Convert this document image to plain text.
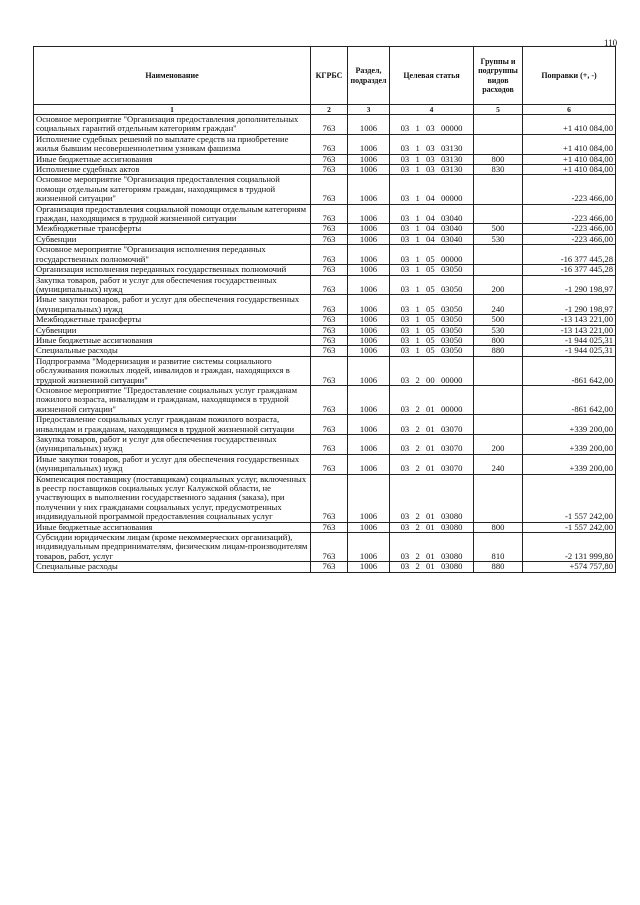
110
Наименование	КГРБС	Раздел, подраздел	Целевая статья	Группы и подгруппы видов расходов	Поправки (+, -)
1	2	3	4	5	6
Основное мероприятие "Организация предоставления дополнительных социальных гарантий отдельным категориям граждан"	763	1006	03  1  03  00000		+1 410 084,00
Исполнение судебных решений по выплате средств на приобретение жилья бывшим несовершеннолетним узникам фашизма	763	1006	03  1  03  03130		+1 410 084,00
Иные бюджетные ассигнования	763	1006	03  1  03  03130	800	+1 410 084,00
Исполнение судебных актов	763	1006	03  1  03  03130	830	+1 410 084,00
Основное мероприятие "Организация предоставления социальной помощи отдельным категориям граждан, находящимся в трудной жизненной ситуации"	763	1006	03  1  04  00000		-223 466,00
Организация предоставления социальной помощи отдельным категориям граждан, находящимся в трудной жизненной ситуации	763	1006	03  1  04  03040		-223 466,00
Межбюджетные трансферты	763	1006	03  1  04  03040	500	-223 466,00
Субвенции	763	1006	03  1  04  03040	530	-223 466,00
Основное мероприятие "Организация исполнения переданных государственных полномочий"	763	1006	03  1  05  00000		-16 377 445,28
Организация исполнения переданных государственных полномочий	763	1006	03  1  05  03050		-16 377 445,28
Закупка товаров, работ и услуг для обеспечения государственных (муниципальных) нужд	763	1006	03  1  05  03050	200	-1 290 198,97
Иные закупки товаров, работ и услуг для обеспечения государственных (муниципальных) нужд	763	1006	03  1  05  03050	240	-1 290 198,97
Межбюджетные трансферты	763	1006	03  1  05  03050	500	-13 143 221,00
Субвенции	763	1006	03  1  05  03050	530	-13 143 221,00
Иные бюджетные ассигнования	763	1006	03  1  05  03050	800	-1 944 025,31
Специальные расходы	763	1006	03  1  05  03050	880	-1 944 025,31
Подпрограмма "Модернизация и развитие системы социального обслуживания пожилых людей, инвалидов и граждан, находящихся в трудной жизненной ситуации"	763	1006	03  2  00  00000		-861 642,00
Основное мероприятие "Предоставление социальных услуг гражданам пожилого возраста, инвалидам и гражданам, находящимся в трудной жизненной ситуации"	763	1006	03  2  01  00000		-861 642,00
Предоставление социальных услуг гражданам пожилого возраста, инвалидам и гражданам, находящимся в трудной жизненной ситуации	763	1006	03  2  01  03070		+339 200,00
Закупка товаров, работ и услуг для обеспечения государственных (муниципальных) нужд	763	1006	03  2  01  03070	200	+339 200,00
Иные закупки товаров, работ и услуг для обеспечения государственных (муниципальных) нужд	763	1006	03  2  01  03070	240	+339 200,00
Компенсация поставщику (поставщикам) социальных услуг, включенных в реестр поставщиков социальных услуг Калужской области, не участвующих в выполнении государственного задания (заказа), при получении у них гражданами социальных услуг, предусмотренных индивидуальной программой предоставления социальных услуг	763	1006	03  2  01  03080		-1 557 242,00
Иные бюджетные ассигнования	763	1006	03  2  01  03080	800	-1 557 242,00
Субсидии юридическим лицам (кроме некоммерческих организаций), индивидуальным предпринимателям, физическим лицам-производителям товаров, работ, услуг	763	1006	03  2  01  03080	810	-2 131 999,80
Специальные расходы	763	1006	03  2  01  03080	880	+574 757,80
